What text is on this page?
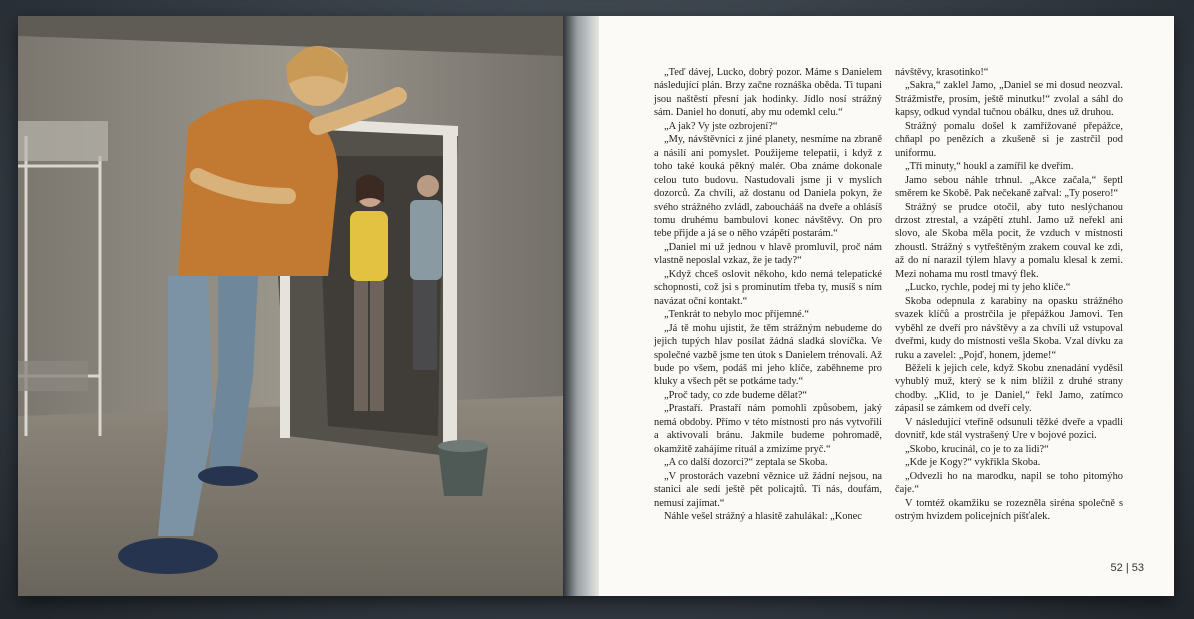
„Teď dávej, Lucko, dobrý pozor. Máme s Danielem následující plán. Brzy začne roznáška oběda. Ti tupani jsou naštěstí přesní jak hodinky. Jídlo nosí strážný sám. Daniel ho donutí, aby mu odemkl celu.“

„A jak? Vy jste ozbrojení?“

„My, návštěvníci z jiné planety, nesmíme na zbraně a násilí ani pomyslet. Použijeme telepatii, i když z toho také kouká pěkný malér. Oba známe dokonale celou tuto budovu. Nastudovali jsme ji v myslích dozorců. Za chvíli, až dostanu od Daniela pokyn, že svého strážného zvládl, zabouchááš na dveře a ohlásíš tomu druhému bambulovi konec návštěvy. On pro tebe přijde a já se o něho vzápětí postarám.“

„Daniel mi už jednou v hlavě promluvil, proč nám vlastně neposlal vzkaz, že je tady?“

„Když chceš oslovit někoho, kdo nemá telepatické schopnosti, což jsi s prominutím třeba ty, musíš s ním navázat oční kontakt.“

„Tenkrát to nebylo moc příjemné.“

„Já tě mohu ujistit, že těm strážným nebudeme do jejich tupých hlav posílat žádná sladká slovíčka. Ve společné vazbě jsme ten útok s Danielem trénovali. Až bude po všem, podáš mi jeho klíče, zaběhneme pro kluky a všech pět se potkáme tady.“

„Proč tady, co zde budeme dělat?“

„Prastaří. Prastaří nám pomohli způsobem, jaký nemá obdoby. Přímo v této místnosti pro nás vytvořili a aktivovali bránu. Jakmile budeme pohromadě, okamžitě zahájíme rituál a zmizíme pryč.“

„A co další dozorci?“ zeptala se Skoba.

„V prostorách vazební věznice už žádní nejsou, na stanici ale sedí ještě pět policajtů. Ti nás, doufám, nemusí zajímat.“

Náhle vešel strážný a hlasitě zahulákal: „Konec

návštěvy, krasotinko!“

„Sakra,“ zaklel Jamo, „Daniel se mi dosud neozval. Strážmistře, prosím, ještě minutku!“ zvolal a sáhl do kapsy, odkud vyndal tučnou obálku, dnes už druhou.

Strážný pomalu došel k zamřížované přepážce, chňapl po penězích a zkušeně si je zastrčil pod uniformu.

„Tři minuty,“ houkl a zamířil ke dveřím.

Jamo sebou náhle trhnul. „Akce začala,“ šeptl směrem ke Skobě. Pak nečekaně zařval: „Ty posero!“

Strážný se prudce otočil, aby tuto neslýchanou drzost ztrestal, a vzápětí ztuhl. Jamo už neřekl ani slovo, ale Skoba měla pocit, že vzduch v místnosti zhoustl. Strážný s vytřeštěným zrakem couval ke zdi, až do ní narazil týlem hlavy a pomalu klesal k zemi. Mezi nohama mu rostl tmavý flek.

„Lucko, rychle, podej mi ty jeho klíče.“

Skoba odepnula z karabiny na opasku strážného svazek klíčů a prostrčila je přepážkou Jamovi. Ten vyběhl ze dveří pro návštěvy a za chvíli už vstupoval dveřmi, kudy do místnosti vešla Skoba. Vzal dívku za ruku a zavelel: „Pojď, honem, jdeme!“

Běželi k jejich cele, když Skobu znenadání vyděsil vyhublý muž, který se k nim blížil z druhé strany chodby. „Klid, to je Daniel,“ řekl Jamo, zatímco zápasil se zámkem od dveří cely.

V následující vteřině odsunuli těžké dveře a vpadli dovnitř, kde stál vystrašený Ure v bojové pozici.

„Skobo, krucinál, co je to za lidi?“

„Kde je Kogy?“ vykřikla Skoba.

„Odvezli ho na marodku, napil se toho pitomýho čaje.“

V tomtéž okamžiku se rozezněla siréna společně s ostrým hvizdem policejních píšťalek.

52 | 53
